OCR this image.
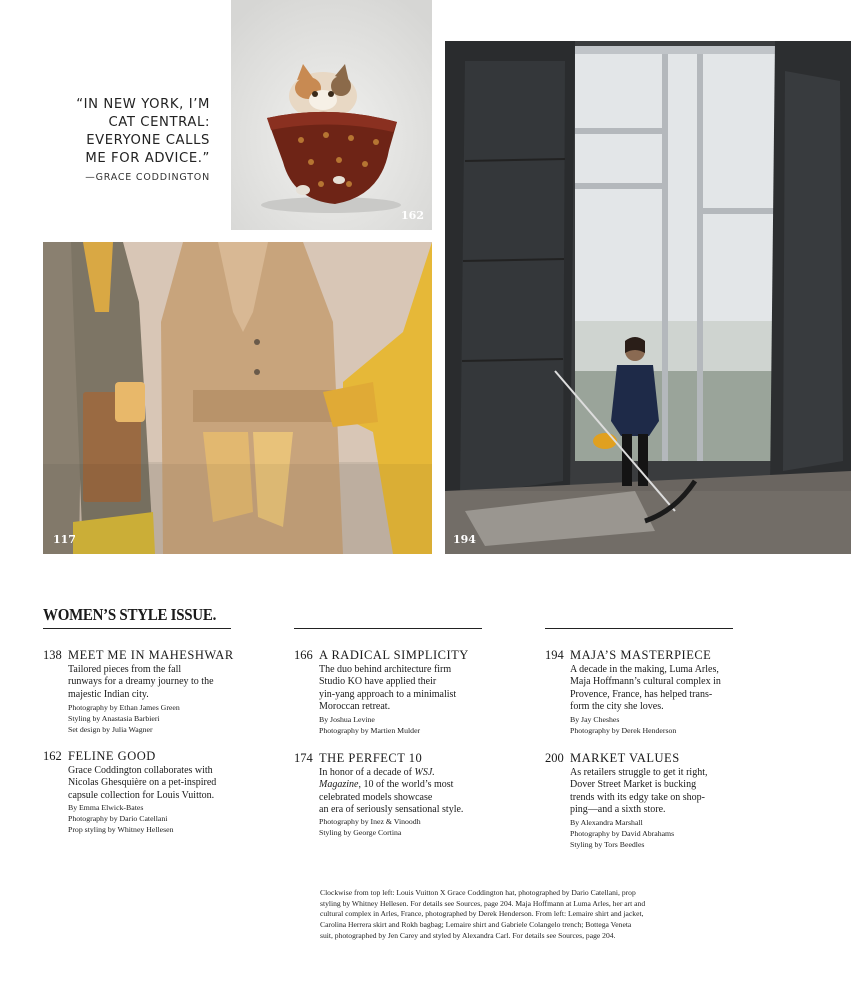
“IN NEW YORK, I’M
CAT CENTRAL:
EVERYONE CALLS
ME FOR ADVICE.”
—GRACE CODDINGTON
162
117	194
WOMEN’S STYLE ISSUE.
138 MEET ME IN MAHESHWAR
Tailored pieces from the fall
runways for a dreamy journey to the
majestic Indian city.
Photography by Ethan James Green
Styling by Anastasia Barbieri
Set design by Julia Wagner
162 FELINE GOOD
Grace Coddington collaborates with
Nicolas Ghesquière on a pet-inspired
capsule collection for Louis Vuitton.
By Emma Elwick-Bates
Photography by Dario Catellani
Prop styling by Whitney Hellesen
166 A RADICAL SIMPLICITY
The duo behind architecture firm
Studio KO have applied their
yin-yang approach to a minimalist
Moroccan retreat.
By Joshua Levine
Photography by Martien Mulder
174 THE PERFECT 10
In honor of a decade of WSJ.
Magazine, 10 of the world’s most
celebrated models showcase
an era of seriously sensational style.
Photography by Inez & Vinoodh
Styling by George Cortina
194 MAJA’S MASTERPIECE
A decade in the making, Luma Arles,
Maja Hoffmann’s cultural complex in
Provence, France, has helped trans-
form the city she loves.
By Jay Cheshes
Photography by Derek Henderson
200 MARKET VALUES
As retailers struggle to get it right,
Dover Street Market is bucking
trends with its edgy take on shop-
ping—and a sixth store.
By Alexandra Marshall
Photography by David Abrahams
Styling by Tors Beedles
Clockwise from top left: Louis Vuitton X Grace Coddington hat, photographed by Dario Catellani, prop
styling by Whitney Hellesen. For details see Sources, page 204. Maja Hoffmann at Luma Arles, her art and
cultural complex in Arles, France, photographed by Derek Henderson. From left: Lemaire shirt and jacket,
Carolina Herrera skirt and Rokh bagbag; Lemaire shirt and Gabriele Colangelo trench; Bottega Veneta
suit, photographed by Jen Carey and styled by Alexandra Carl. For details see Sources, page 204.
